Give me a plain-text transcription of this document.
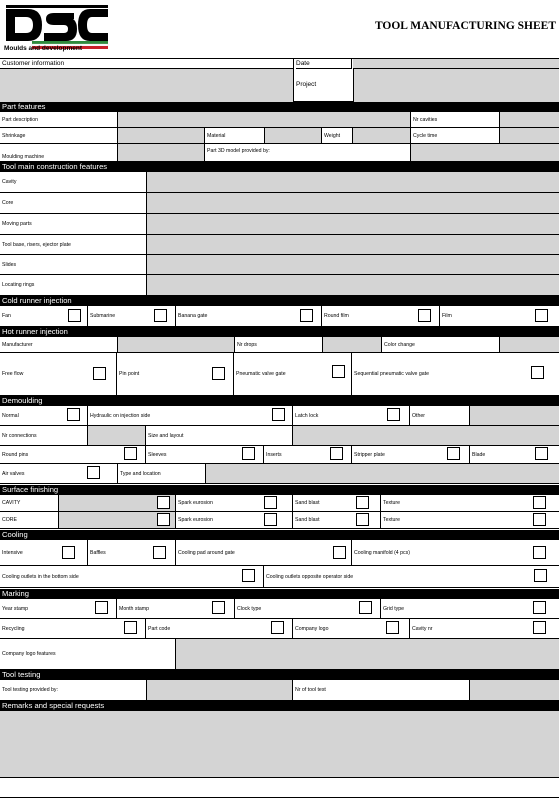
Moulds and development
TOOL MANUFACTURING SHEET
Customer information	Date
Project
Part features
Part description	Nr cavities
Shrinkage	Material	Weight	Cycle time
Moulding machine
Part 3D model provided by:
Tool main construction features
Cavity
Core
Moving parts
Tool base, risers, ejector plate
Slides
Locating rings
Cold runner injection
Fan	Submarine	Banana gate	Round film	Film
Hot runner injection
Manufacturer	Nr drops	Color change
Free flow	Pin point	Pneumatic valve gate	Sequential pneumatic valve gate
Demoulding
Normal	Hydraulic on injection side	Latch lock	Other
Nr connections	Size and layout
Round pins	Sleeves	Inserts	Stripper plate	Blade
Air valves	Type and location
Surface finishing
CAVITY	Spark eurosion	Sand blast	Texture
CORE	Spark eurosion	Sand blast	Texture
Cooling
Intensive	Baffles	Cooling pad around gate	Cooling manifold (4 pcs)
Cooling outlets in the bottom side	Cooling outlets opposite operator side
Marking
Year stamp	Month stamp	Clock type	Grid type
Recycling	Part code	Company logo	Cavity nr
Company logo features
Tool testing
Tool testing provided by:	Nr of tool test
Remarks and special requests
